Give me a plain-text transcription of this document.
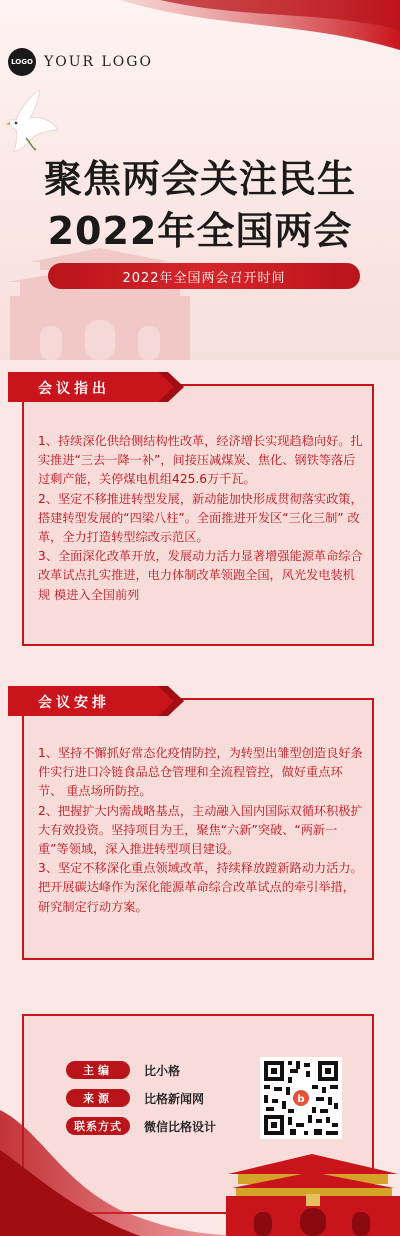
LOGO YOUR LOGO
聚焦两会关注民生
2022年全国两会
2022年全国两会召开时间
会议指出

1、持续深化供给侧结构性改革，经济增长实现趋稳向好。扎 实推进“三去一降一补”，间接压减煤炭、焦化、钢铁等落后 过剩产能，关停煤电机组425.6万千瓦。

2、坚定不移推进转型发展，新动能加快形成贯彻落实政策， 搭建转型发展的“四梁八柱”。全面推进开发区“三化三制” 改革，全力打造转型综改示范区。

3、全面深化改革开放，发展动力活力显著增强能源革命综合 改革试点扎实推进，电力体制改革领跑全国，风光发电装机规 模进入全国前列

会议安排

1、坚持不懈抓好常态化疫情防控，为转型出雏型创造良好条 件实行进口冷链食品总仓管理和全流程管控，做好重点环节、 重点场所防控。

2、把握扩大内需战略基点，主动融入国内国际双循环积极扩 大有效投资。坚持项目为王，聚焦“六新”突破、“两新一 重”等领域，深入推进转型项目建设。

3、坚定不移深化重点领域改革，持续释放蹚新路动力活力。 把开展碳达峰作为深化能源革命综合改革试点的牵引举措， 研究制定行动方案。

主编	比小格
来源	比格新闻网
联系方式	微信比格设计
b
